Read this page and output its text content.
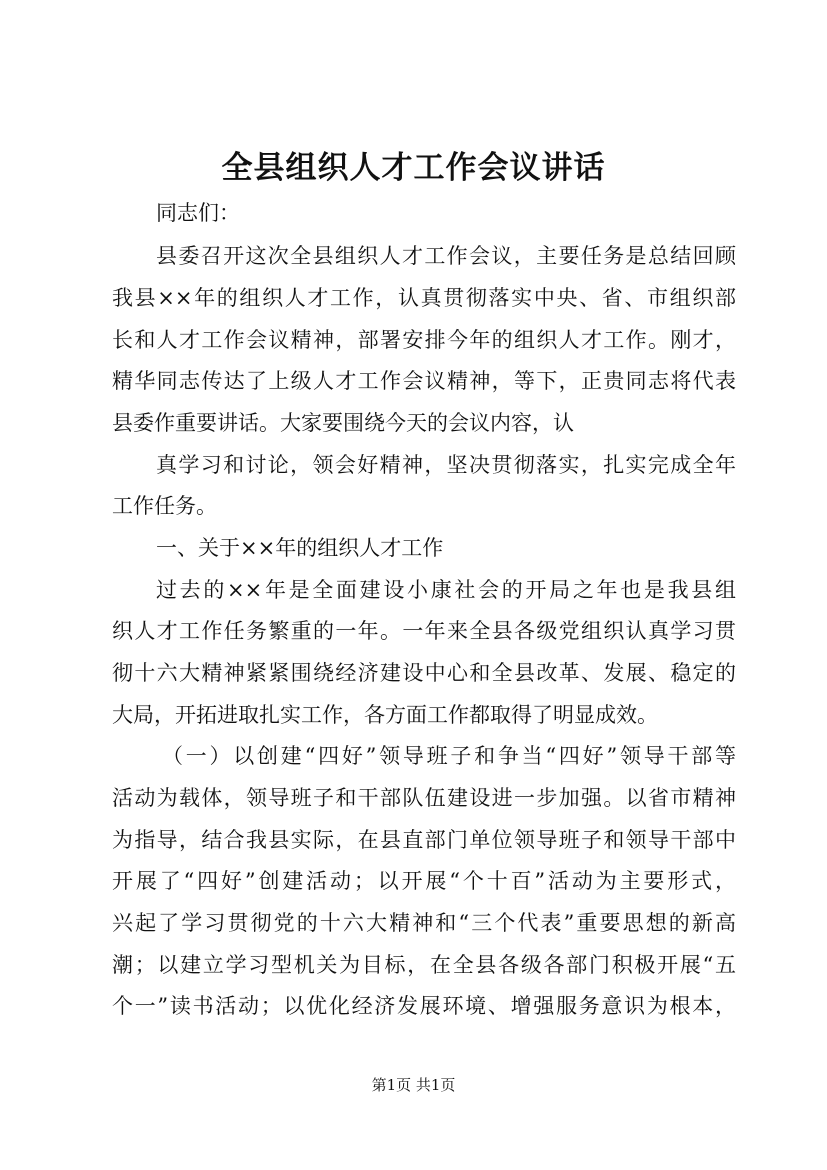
全县组织人才工作会议讲话
同志们：
县委召开这次全县组织人才工作会议，主要任务是总结回顾
我县××年的组织人才工作，认真贯彻落实中央、省、市组织部
长和人才工作会议精神，部署安排今年的组织人才工作。刚才，
精华同志传达了上级人才工作会议精神，等下，正贵同志将代表
县委作重要讲话。大家要围绕今天的会议内容，认
真学习和讨论，领会好精神，坚决贯彻落实，扎实完成全年
工作任务。
一、关于××年的组织人才工作
过去的××年是全面建设小康社会的开局之年也是我县组
织人才工作任务繁重的一年。一年来全县各级党组织认真学习贯
彻十六大精神紧紧围绕经济建设中心和全县改革、发展、稳定的
大局，开拓进取扎实工作，各方面工作都取得了明显成效。
（一）以创建“四好”领导班子和争当“四好”领导干部等
活动为载体，领导班子和干部队伍建设进一步加强。以省市精神
为指导，结合我县实际，在县直部门单位领导班子和领导干部中
开展了“四好”创建活动；以开展“个十百”活动为主要形式，
兴起了学习贯彻党的十六大精神和“三个代表”重要思想的新高
潮；以建立学习型机关为目标，在全县各级各部门积极开展“五
个一”读书活动；以优化经济发展环境、增强服务意识为根本，
第1页 共1页
